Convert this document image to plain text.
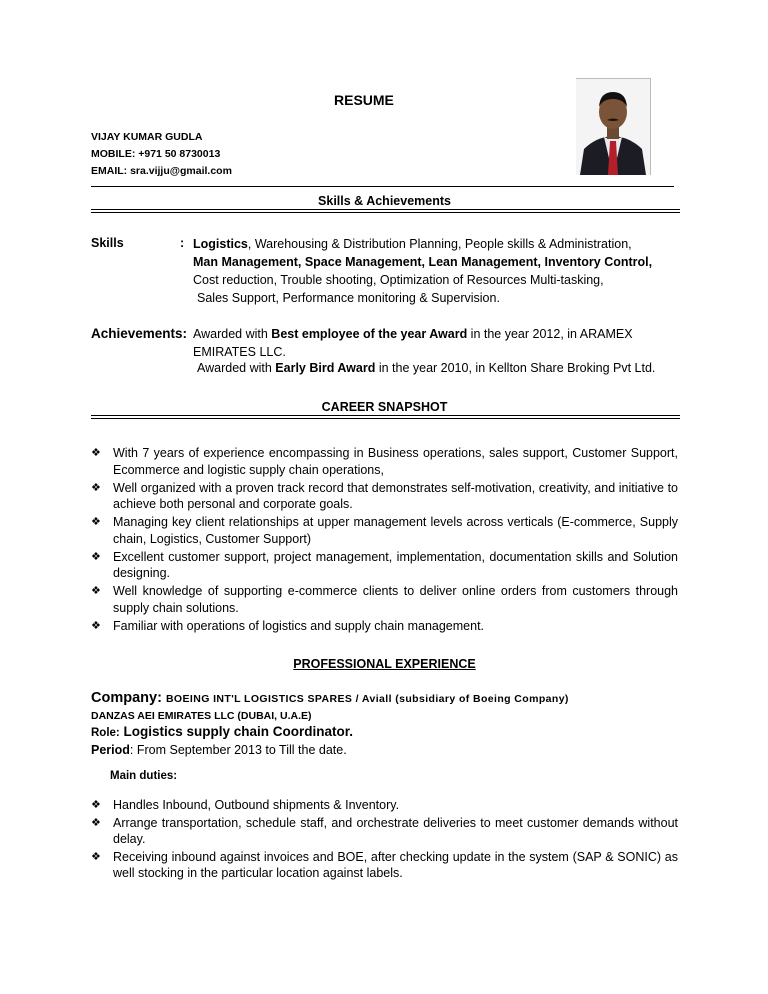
RESUME
VIJAY KUMAR GUDLA
MOBILE: +971 50 8730013
EMAIL: sra.vijju@gmail.com
Skills & Achievements
Skills	: Logistics, Warehousing & Distribution Planning, People skills & Administration,
Man Management, Space Management, Lean Management, Inventory Control,
Cost reduction, Trouble shooting, Optimization of Resources Multi-tasking,
Sales Support, Performance monitoring & Supervision.
Achievements: Awarded with Best employee of the year Award in the year 2012, in ARAMEX
EMIRATES LLC.
Awarded with Early Bird Award in the year 2010, in Kellton Share Broking Pvt Ltd.
CAREER SNAPSHOT
❖ With 7 years of experience encompassing in Business operations, sales support, Customer Support, Ecommerce and logistic supply chain operations,
❖ Well organized with a proven track record that demonstrates self-motivation, creativity, and initiative to achieve both personal and corporate goals.
❖ Managing key client relationships at upper management levels across verticals (E-commerce, Supply chain, Logistics, Customer Support)
❖ Excellent customer support, project management, implementation, documentation skills and Solution designing.
❖ Well knowledge of supporting e-commerce clients to deliver online orders from customers through supply chain solutions.
❖ Familiar with operations of logistics and supply chain management.
PROFESSIONAL EXPERIENCE
Company: BOEING INT'L LOGISTICS SPARES / Aviall (subsidiary of Boeing Company)
DANZAS AEI EMIRATES LLC (DUBAI, U.A.E)
Role: Logistics supply chain Coordinator.
Period: From September 2013 to Till the date.
Main duties:
❖ Handles Inbound, Outbound shipments & Inventory.
❖ Arrange transportation, schedule staff, and orchestrate deliveries to meet customer demands without delay.
❖ Receiving inbound against invoices and BOE, after checking update in the system (SAP & SONIC) as well stocking in the particular location against labels.
